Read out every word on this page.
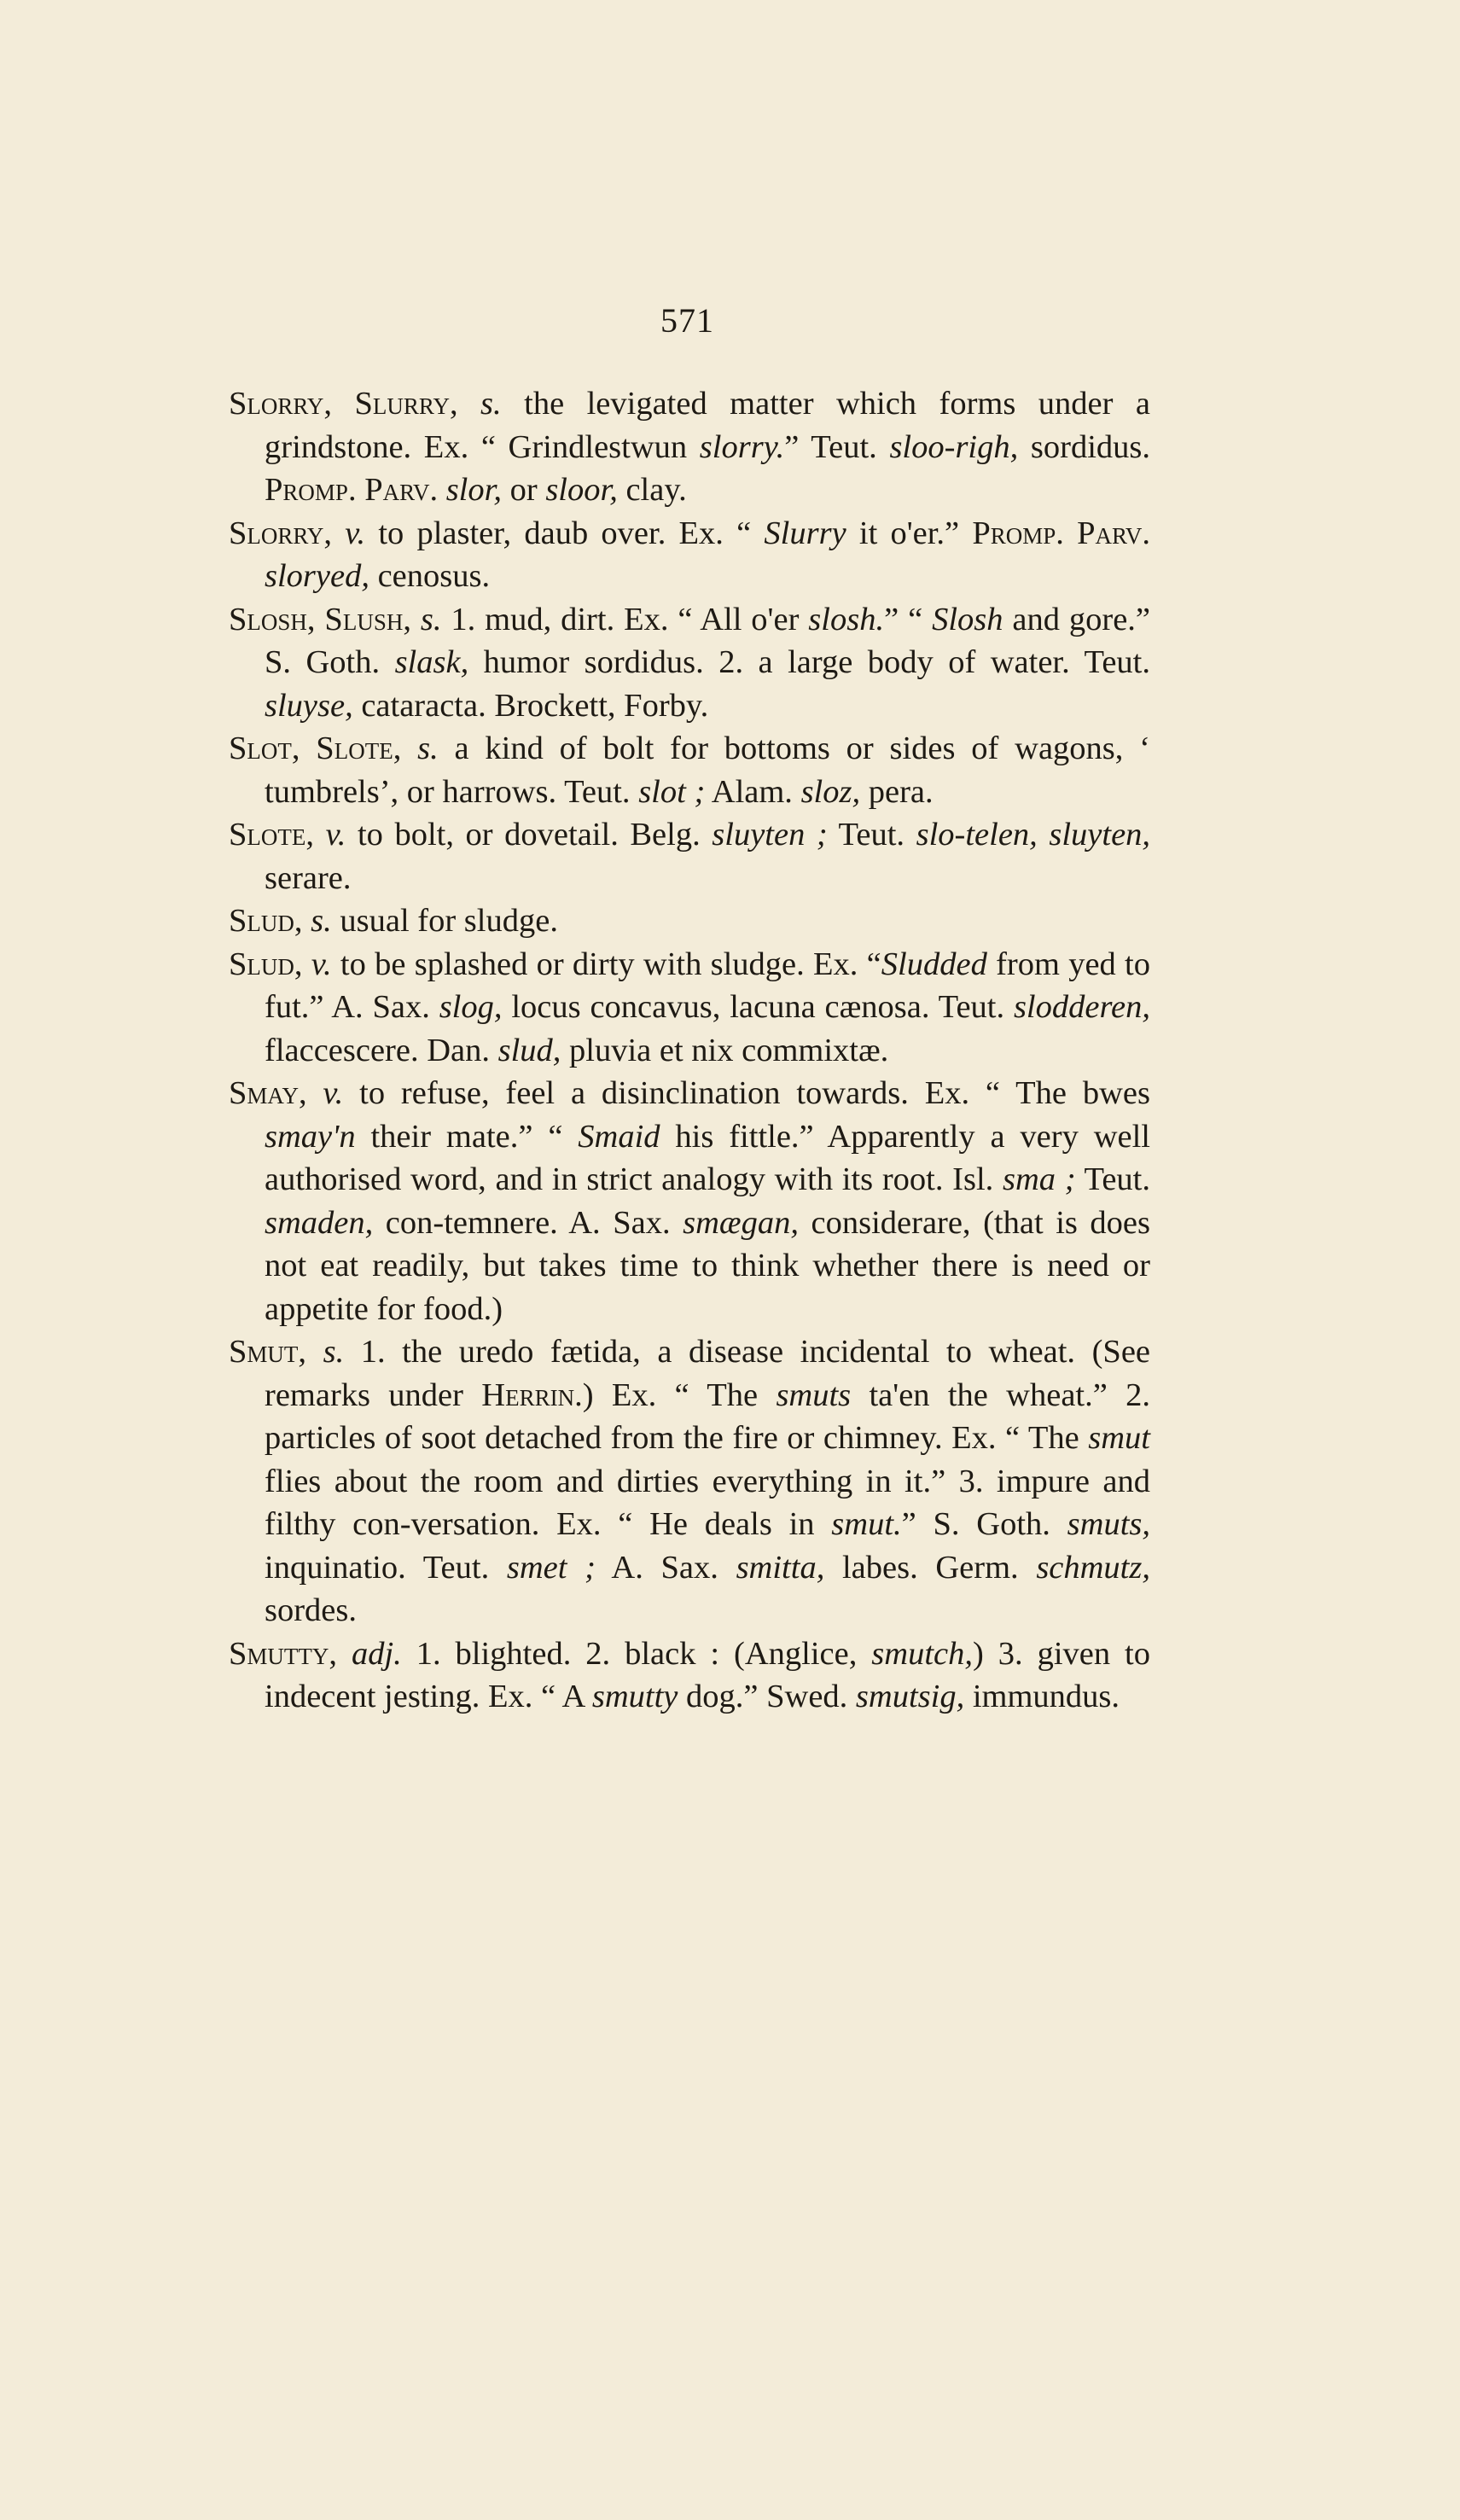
571

Slorry, Slurry, s. the levigated matter which forms under a grindstone. Ex. “ Grindlestwun slorry.” Teut. sloo-righ, sordidus. Promp. Parv. slor, or sloor, clay.

Slorry, v. to plaster, daub over. Ex. “ Slurry it o'er.” Promp. Parv. sloryed, cenosus.

Slosh, Slush, s. 1. mud, dirt. Ex. “ All o'er slosh.” “ Slosh and gore.” S. Goth. slask, humor sordidus. 2. a large body of water. Teut. sluyse, cataracta. Brockett, Forby.

Slot, Slote, s. a kind of bolt for bottoms or sides of wagons, ‘ tumbrels’, or harrows. Teut. slot ; Alam. sloz, pera.

Slote, v. to bolt, or dovetail. Belg. sluyten ; Teut. slo-telen, sluyten, serare.

Slud, s. usual for sludge.

Slud, v. to be splashed or dirty with sludge. Ex. “Sludded from yed to fut.” A. Sax. slog, locus concavus, lacuna cænosa. Teut. slodderen, flaccescere. Dan. slud, pluvia et nix commixtæ.

Smay, v. to refuse, feel a disinclination towards. Ex. “ The bwes smay'n their mate.” “ Smaid his fittle.” Apparently a very well authorised word, and in strict analogy with its root. Isl. sma ; Teut. smaden, con-temnere. A. Sax. smægan, considerare, (that is does not eat readily, but takes time to think whether there is need or appetite for food.)

Smut, s. 1. the uredo fætida, a disease incidental to wheat. (See remarks under Herrin.) Ex. “ The smuts ta'en the wheat.” 2. particles of soot detached from the fire or chimney. Ex. “ The smut flies about the room and dirties everything in it.” 3. impure and filthy con-versation. Ex. “ He deals in smut.” S. Goth. smuts, inquinatio. Teut. smet ; A. Sax. smitta, labes. Germ. schmutz, sordes.

Smutty, adj. 1. blighted. 2. black : (Anglice, smutch,) 3. given to indecent jesting. Ex. “ A smutty dog.” Swed. smutsig, immundus.
